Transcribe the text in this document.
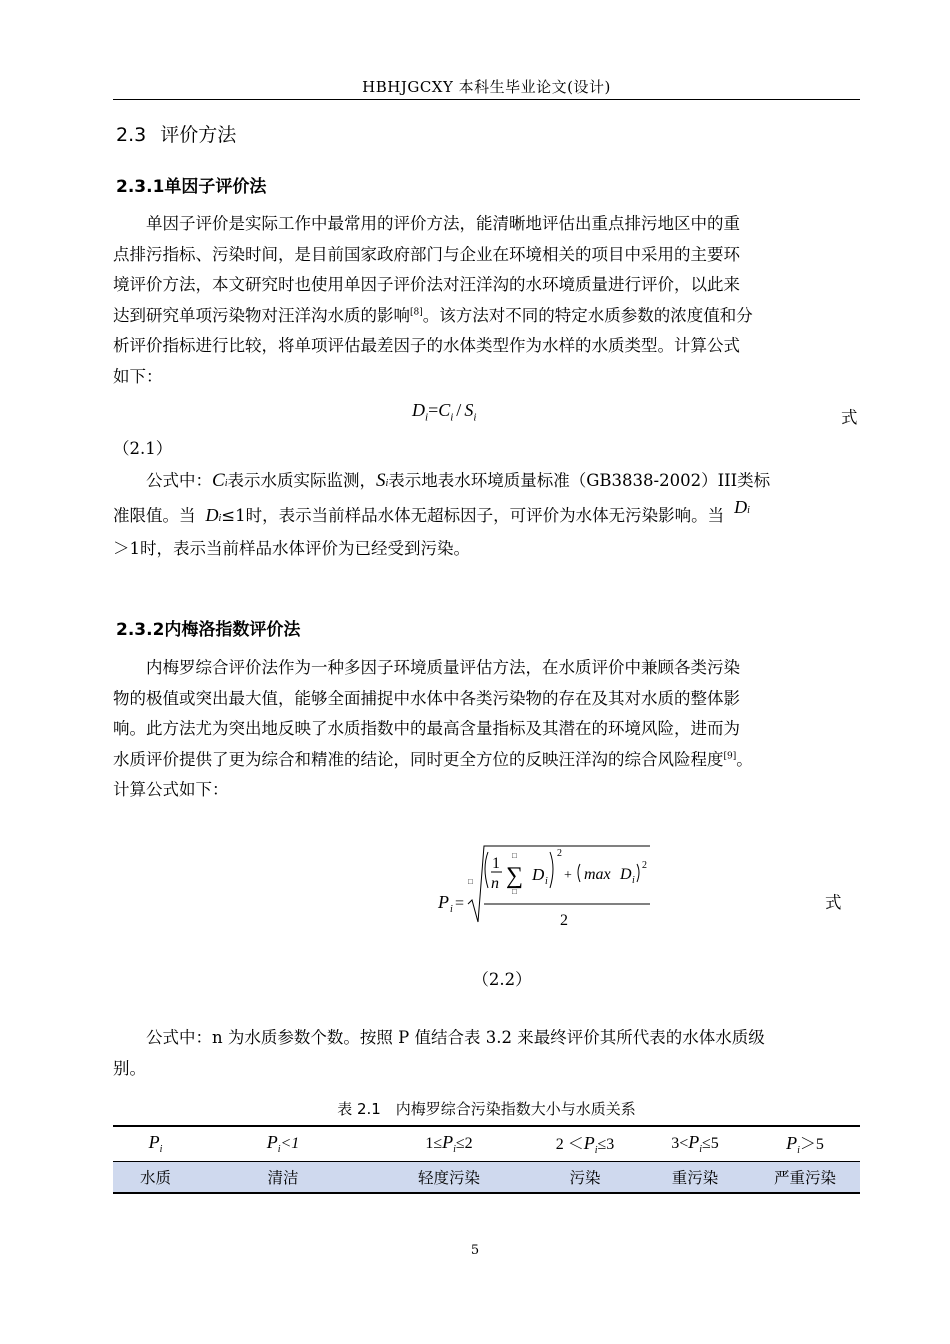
HBHJGCXY 本科生毕业论文(设计)
2.3 评价方法
2.3.1单因子评价法
单因子评价是实际工作中最常用的评价方法，能清晰地评估出重点排污地区中的重
点排污指标、污染时间，是目前国家政府部门与企业在环境相关的项目中采用的主要环
境评价方法，本文研究时也使用单因子评价法对汪洋沟的水环境质量进行评价，以此来
达到研究单项污染物对汪洋沟水质的影响[8]。该方法对不同的特定水质参数的浓度值和分
析评价指标进行比较，将单项评估最差因子的水体类型作为水样的水质类型。计算公式
如下：
$D_i=C_i / S_i$	式
（2.1）
公式中：Ci表示水质实际监测，Si表示地表水环境质量标准（GB3838-2002）III类标
准限值。当 Di≤1时，表示当前样品水体无超标因子，可评价为水体无污染影响。当 $D^i$
＞1时，表示当前样品水体评价为已经受到污染。
2.3.2内梅洛指数评价法
内梅罗综合评价法作为一种多因子环境质量评估方法，在水质评价中兼顾各类污染
物的极值或突出最大值，能够全面捕捉中水体中各类污染物的存在及其对水质的整体影
响。此方法尤为突出地反映了水质指数中的最高含量指标及其潜在的环境风险，进而为
水质评价提供了更为综合和精准的结论，同时更全方位的反映汪洋沟的综合风险程度[9]。
计算公式如下：
P i =
□
1
n
□
∑
□
D i
2
+ max D i
2
2
式
（2.2）
公式中：n 为水质参数个数。按照 P 值结合表 3.2 来最终评价其所代表的水体水质级
别。
表 2.1　内梅罗综合污染指数大小与水质关系
$P_i$	$P_i<1$	$1\le P_i\le 2$	$2 <P_i\le 3$	$3<P_i\le 5$	$P_i>5$
水质	清洁	轻度污染	污染	重污染	严重污染
5
